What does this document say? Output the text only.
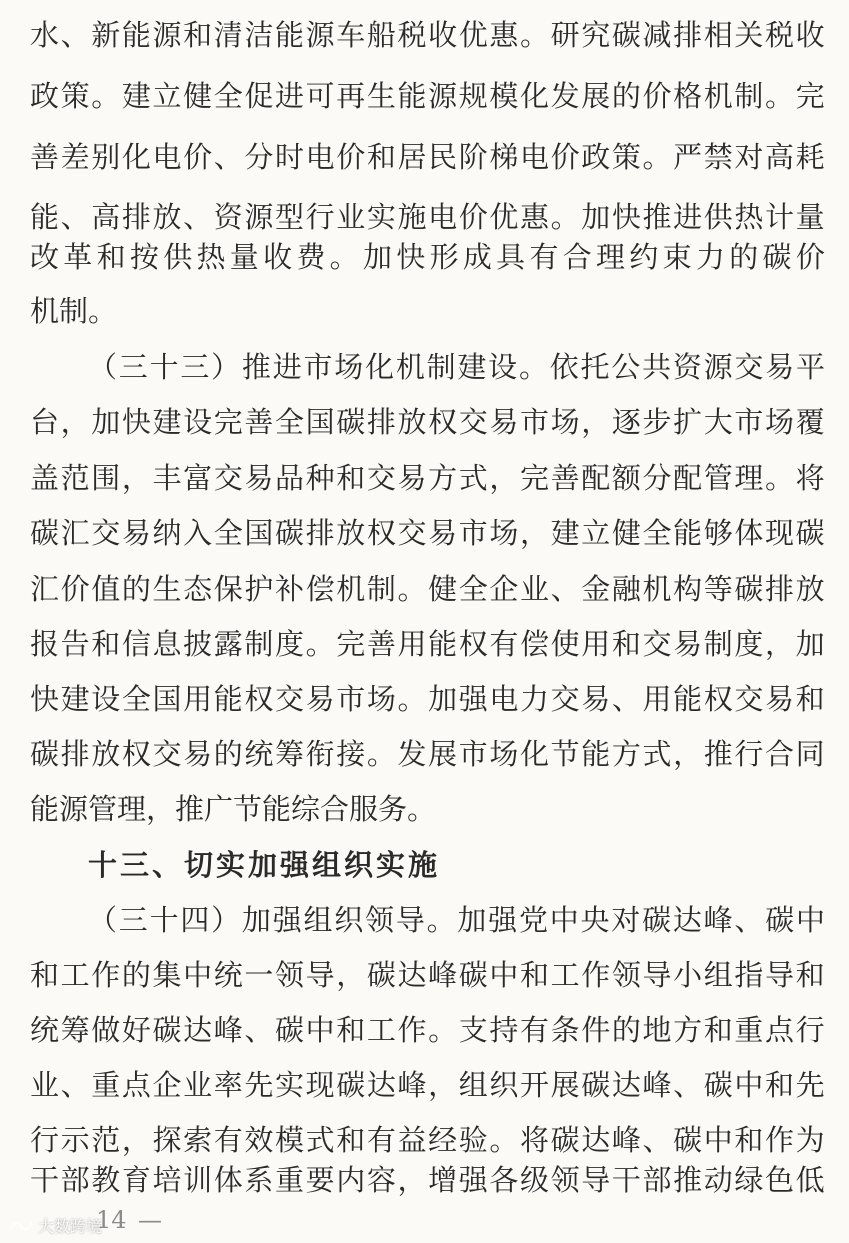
水 、 新 能 源 和 清 洁 能 源 车 船 税 收 优 惠 。 研 究 碳 减 排 相 关 税 收
政 策 。 建 立 健 全 促 进 可 再 生 能 源 规 模 化 发 展 的 价 格 机 制 。 完
善 差 别 化 电 价 、 分 时 电 价 和 居 民 阶 梯 电 价 政 策 。 严 禁 对 高 耗
能 、 高 排 放 、 资 源 型 行 业 实 施 电 价 优 惠 。 加 快 推 进 供 热 计 量
改 革 和 按 供 热 量 收 费 。 加 快 形 成 具 有 合 理 约 束 力 的 碳 价
机制。
（ 三 十 三 ） 推 进 市 场 化 机 制 建 设 。 依 托 公 共 资 源 交 易 平
台 ， 加 快 建 设 完 善 全 国 碳 排 放 权 交 易 市 场 ， 逐 步 扩 大 市 场 覆
盖 范 围 ， 丰 富 交 易 品 种 和 交 易 方 式 ， 完 善 配 额 分 配 管 理 。 将
碳 汇 交 易 纳 入 全 国 碳 排 放 权 交 易 市 场 ， 建 立 健 全 能 够 体 现 碳
汇 价 值 的 生 态 保 护 补 偿 机 制 。 健 全 企 业 、 金 融 机 构 等 碳 排 放
报 告 和 信 息 披 露 制 度 。 完 善 用 能 权 有 偿 使 用 和 交 易 制 度 ， 加
快 建 设 全 国 用 能 权 交 易 市 场 。 加 强 电 力 交 易 、 用 能 权 交 易 和
碳 排 放 权 交 易 的 统 筹 衔 接 。 发 展 市 场 化 节 能 方 式 ， 推 行 合 同
能源管理，推广节能综合服务。
十三、切实加强组织实施
（ 三 十 四 ） 加 强 组 织 领 导 。 加 强 党 中 央 对 碳 达 峰 、 碳 中
和 工 作 的 集 中 统 一 领 导 ， 碳 达 峰 碳 中 和 工 作 领 导 小 组 指 导 和
统 筹 做 好 碳 达 峰 、 碳 中 和 工 作 。 支 持 有 条 件 的 地 方 和 重 点 行
业 、 重 点 企 业 率 先 实 现 碳 达 峰 ， 组 织 开 展 碳 达 峰 、 碳 中 和 先
行 示 范 ， 探 索 有 效 模 式 和 有 益 经 验 。 将 碳 达 峰 、 碳 中 和 作 为
干 部 教 育 培 训 体 系 重 要 内 容 ， 增 强 各 级 领 导 干 部 推 动 绿 色 低
大数跨境
14 —
